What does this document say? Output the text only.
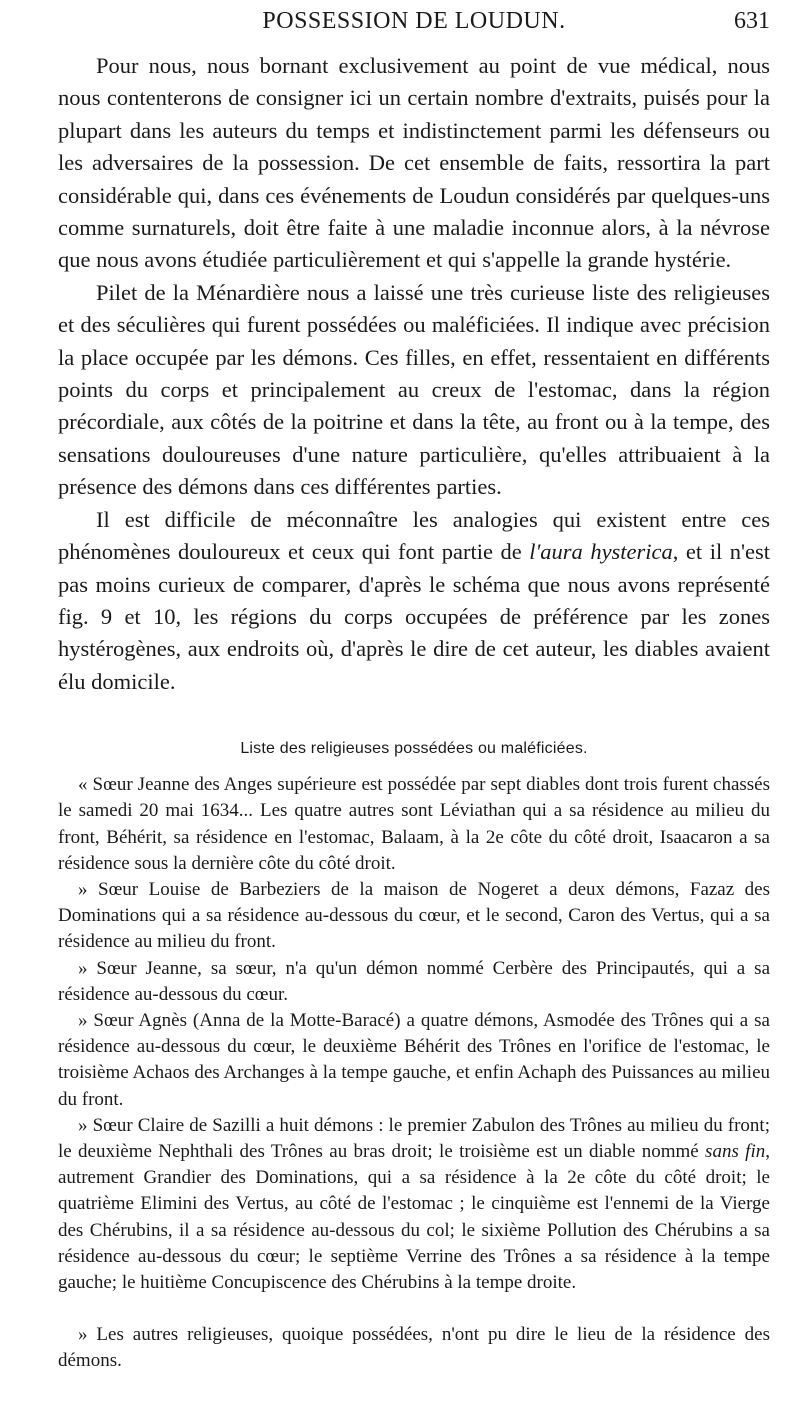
POSSESSION DE LOUDUN.	631

Pour nous, nous bornant exclusivement au point de vue médical, nous nous contenterons de consigner ici un certain nombre d'extraits, puisés pour la plupart dans les auteurs du temps et indistinctement parmi les défenseurs ou les adversaires de la possession. De cet ensemble de faits, ressortira la part considérable qui, dans ces événements de Loudun considérés par quelques-uns comme surnaturels, doit être faite à une maladie inconnue alors, à la névrose que nous avons étudiée particulièrement et qui s'appelle la grande hystérie.

Pilet de la Ménardière nous a laissé une très curieuse liste des religieuses et des séculières qui furent possédées ou maléficiées. Il indique avec précision la place occupée par les démons. Ces filles, en effet, ressentaient en différents points du corps et principalement au creux de l'estomac, dans la région précordiale, aux côtés de la poitrine et dans la tête, au front ou à la tempe, des sensations douloureuses d'une nature particulière, qu'elles attribuaient à la présence des démons dans ces différentes parties.

Il est difficile de méconnaître les analogies qui existent entre ces phénomènes douloureux et ceux qui font partie de l'aura hysterica, et il n'est pas moins curieux de comparer, d'après le schéma que nous avons représenté fig. 9 et 10, les régions du corps occupées de préférence par les zones hystérogènes, aux endroits où, d'après le dire de cet auteur, les diables avaient élu domicile.

Liste des religieuses possédées ou maléficiées.

« Sœur Jeanne des Anges supérieure est possédée par sept diables dont trois furent chassés le samedi 20 mai 1634... Les quatre autres sont Léviathan qui a sa résidence au milieu du front, Béhérit, sa résidence en l'estomac, Balaam, à la 2e côte du côté droit, Isaacaron a sa résidence sous la dernière côte du côté droit.

» Sœur Louise de Barbeziers de la maison de Nogeret a deux démons, Fazaz des Dominations qui a sa résidence au-dessous du cœur, et le second, Caron des Vertus, qui a sa résidence au milieu du front.

» Sœur Jeanne, sa sœur, n'a qu'un démon nommé Cerbère des Principautés, qui a sa résidence au-dessous du cœur.

» Sœur Agnès (Anna de la Motte-Baracé) a quatre démons, Asmodée des Trônes qui a sa résidence au-dessous du cœur, le deuxième Béhérit des Trônes en l'orifice de l'estomac, le troisième Achaos des Archanges à la tempe gauche, et enfin Achaph des Puissances au milieu du front.

» Sœur Claire de Sazilli a huit démons : le premier Zabulon des Trônes au milieu du front; le deuxième Nephthali des Trônes au bras droit; le troisième est un diable nommé sans fin, autrement Grandier des Dominations, qui a sa résidence à la 2e côte du côté droit; le quatrième Elimini des Vertus, au côté de l'estomac ; le cinquième est l'ennemi de la Vierge des Chérubins, il a sa résidence au-dessous du col; le sixième Pollution des Chérubins a sa résidence au-dessous du cœur; le septième Verrine des Trônes a sa résidence à la tempe gauche; le huitième Concupiscence des Chérubins à la tempe droite.

» Les autres religieuses, quoique possédées, n'ont pu dire le lieu de la résidence des démons.
